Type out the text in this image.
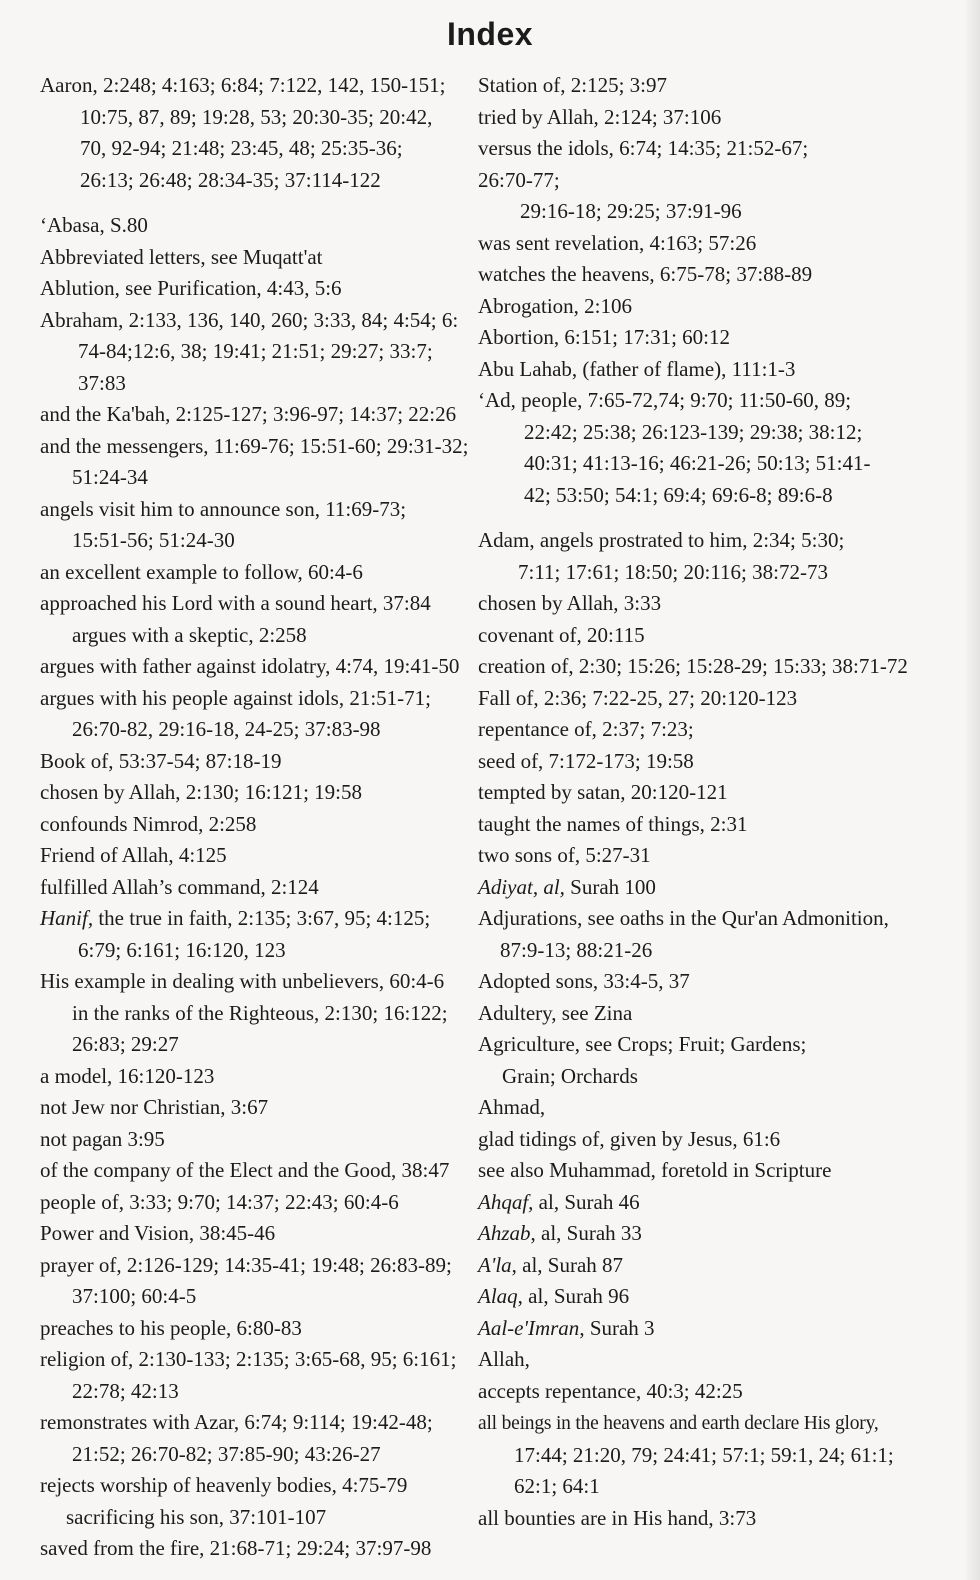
Index
Aaron, 2:248; 4:163; 6:84; 7:122, 142, 150-151;
10:75, 87, 89; 19:28, 53; 20:30-35; 20:42,
70, 92-94; 21:48; 23:45, 48; 25:35-36;
26:13; 26:48; 28:34-35; 37:114-122
‘Abasa, S.80
Abbreviated letters, see Muqatt'at
Ablution, see Purification, 4:43, 5:6
Abraham, 2:133, 136, 140, 260; 3:33, 84; 4:54; 6:
74-84;12:6, 38; 19:41; 21:51; 29:27; 33:7; 37:83
and the Ka'bah, 2:125-127; 3:96-97; 14:37; 22:26
and the messengers, 11:69-76; 15:51-60; 29:31-32;
51:24-34
angels visit him to announce son, 11:69-73;
15:51-56; 51:24-30
an excellent example to follow, 60:4-6
approached his Lord with a sound heart, 37:84
argues with a skeptic, 2:258
argues with father against idolatry, 4:74, 19:41-50
argues with his people against idols, 21:51-71;
26:70-82, 29:16-18, 24-25; 37:83-98
Book of, 53:37-54; 87:18-19
chosen by Allah, 2:130; 16:121; 19:58
confounds Nimrod, 2:258
Friend of Allah, 4:125
fulfilled Allah’s command, 2:124
Hanif, the true in faith, 2:135; 3:67, 95; 4:125;
6:79; 6:161; 16:120, 123
His example in dealing with unbelievers, 60:4-6
in the ranks of the Righteous, 2:130; 16:122;
26:83; 29:27
a model, 16:120-123
not Jew nor Christian, 3:67
not pagan 3:95
of the company of the Elect and the Good, 38:47
people of, 3:33; 9:70; 14:37; 22:43; 60:4-6
Power and Vision, 38:45-46
prayer of, 2:126-129; 14:35-41; 19:48; 26:83-89;
37:100; 60:4-5
preaches to his people, 6:80-83
religion of, 2:130-133; 2:135; 3:65-68, 95; 6:161;
22:78; 42:13
remonstrates with Azar, 6:74; 9:114; 19:42-48;
21:52; 26:70-82; 37:85-90; 43:26-27
rejects worship of heavenly bodies, 4:75-79
sacrificing his son, 37:101-107
saved from the fire, 21:68-71; 29:24; 37:97-98
Station of, 2:125; 3:97
tried by Allah, 2:124; 37:106
versus the idols, 6:74; 14:35; 21:52-67;
26:70-77;
29:16-18; 29:25; 37:91-96
was sent revelation, 4:163; 57:26
watches the heavens, 6:75-78; 37:88-89
Abrogation, 2:106
Abortion, 6:151; 17:31; 60:12
Abu Lahab, (father of flame), 111:1-3
‘Ad, people, 7:65-72,74; 9:70; 11:50-60, 89;
22:42; 25:38; 26:123-139; 29:38; 38:12;
40:31; 41:13-16; 46:21-26; 50:13; 51:41-
42; 53:50; 54:1; 69:4; 69:6-8; 89:6-8
Adam, angels prostrated to him, 2:34; 5:30;
7:11; 17:61; 18:50; 20:116; 38:72-73
chosen by Allah, 3:33
covenant of, 20:115
creation of, 2:30; 15:26; 15:28-29; 15:33; 38:71-72
Fall of, 2:36; 7:22-25, 27; 20:120-123
repentance of, 2:37; 7:23;
seed of, 7:172-173; 19:58
tempted by satan, 20:120-121
taught the names of things, 2:31
two sons of, 5:27-31
Adiyat, al, Surah 100
Adjurations, see oaths in the Qur'an Admonition,
87:9-13; 88:21-26
Adopted sons, 33:4-5, 37
Adultery, see Zina
Agriculture, see Crops; Fruit; Gardens;
Grain; Orchards
Ahmad,
glad tidings of, given by Jesus, 61:6
see also Muhammad, foretold in Scripture
Ahqaf, al, Surah 46
Ahzab, al, Surah 33
A'la, al, Surah 87
Alaq, al, Surah 96
Aal-e'Imran, Surah 3
Allah,
accepts repentance, 40:3; 42:25
all beings in the heavens and earth declare His glory,
17:44; 21:20, 79; 24:41; 57:1; 59:1, 24; 61:1;
62:1; 64:1
all bounties are in His hand, 3:73
